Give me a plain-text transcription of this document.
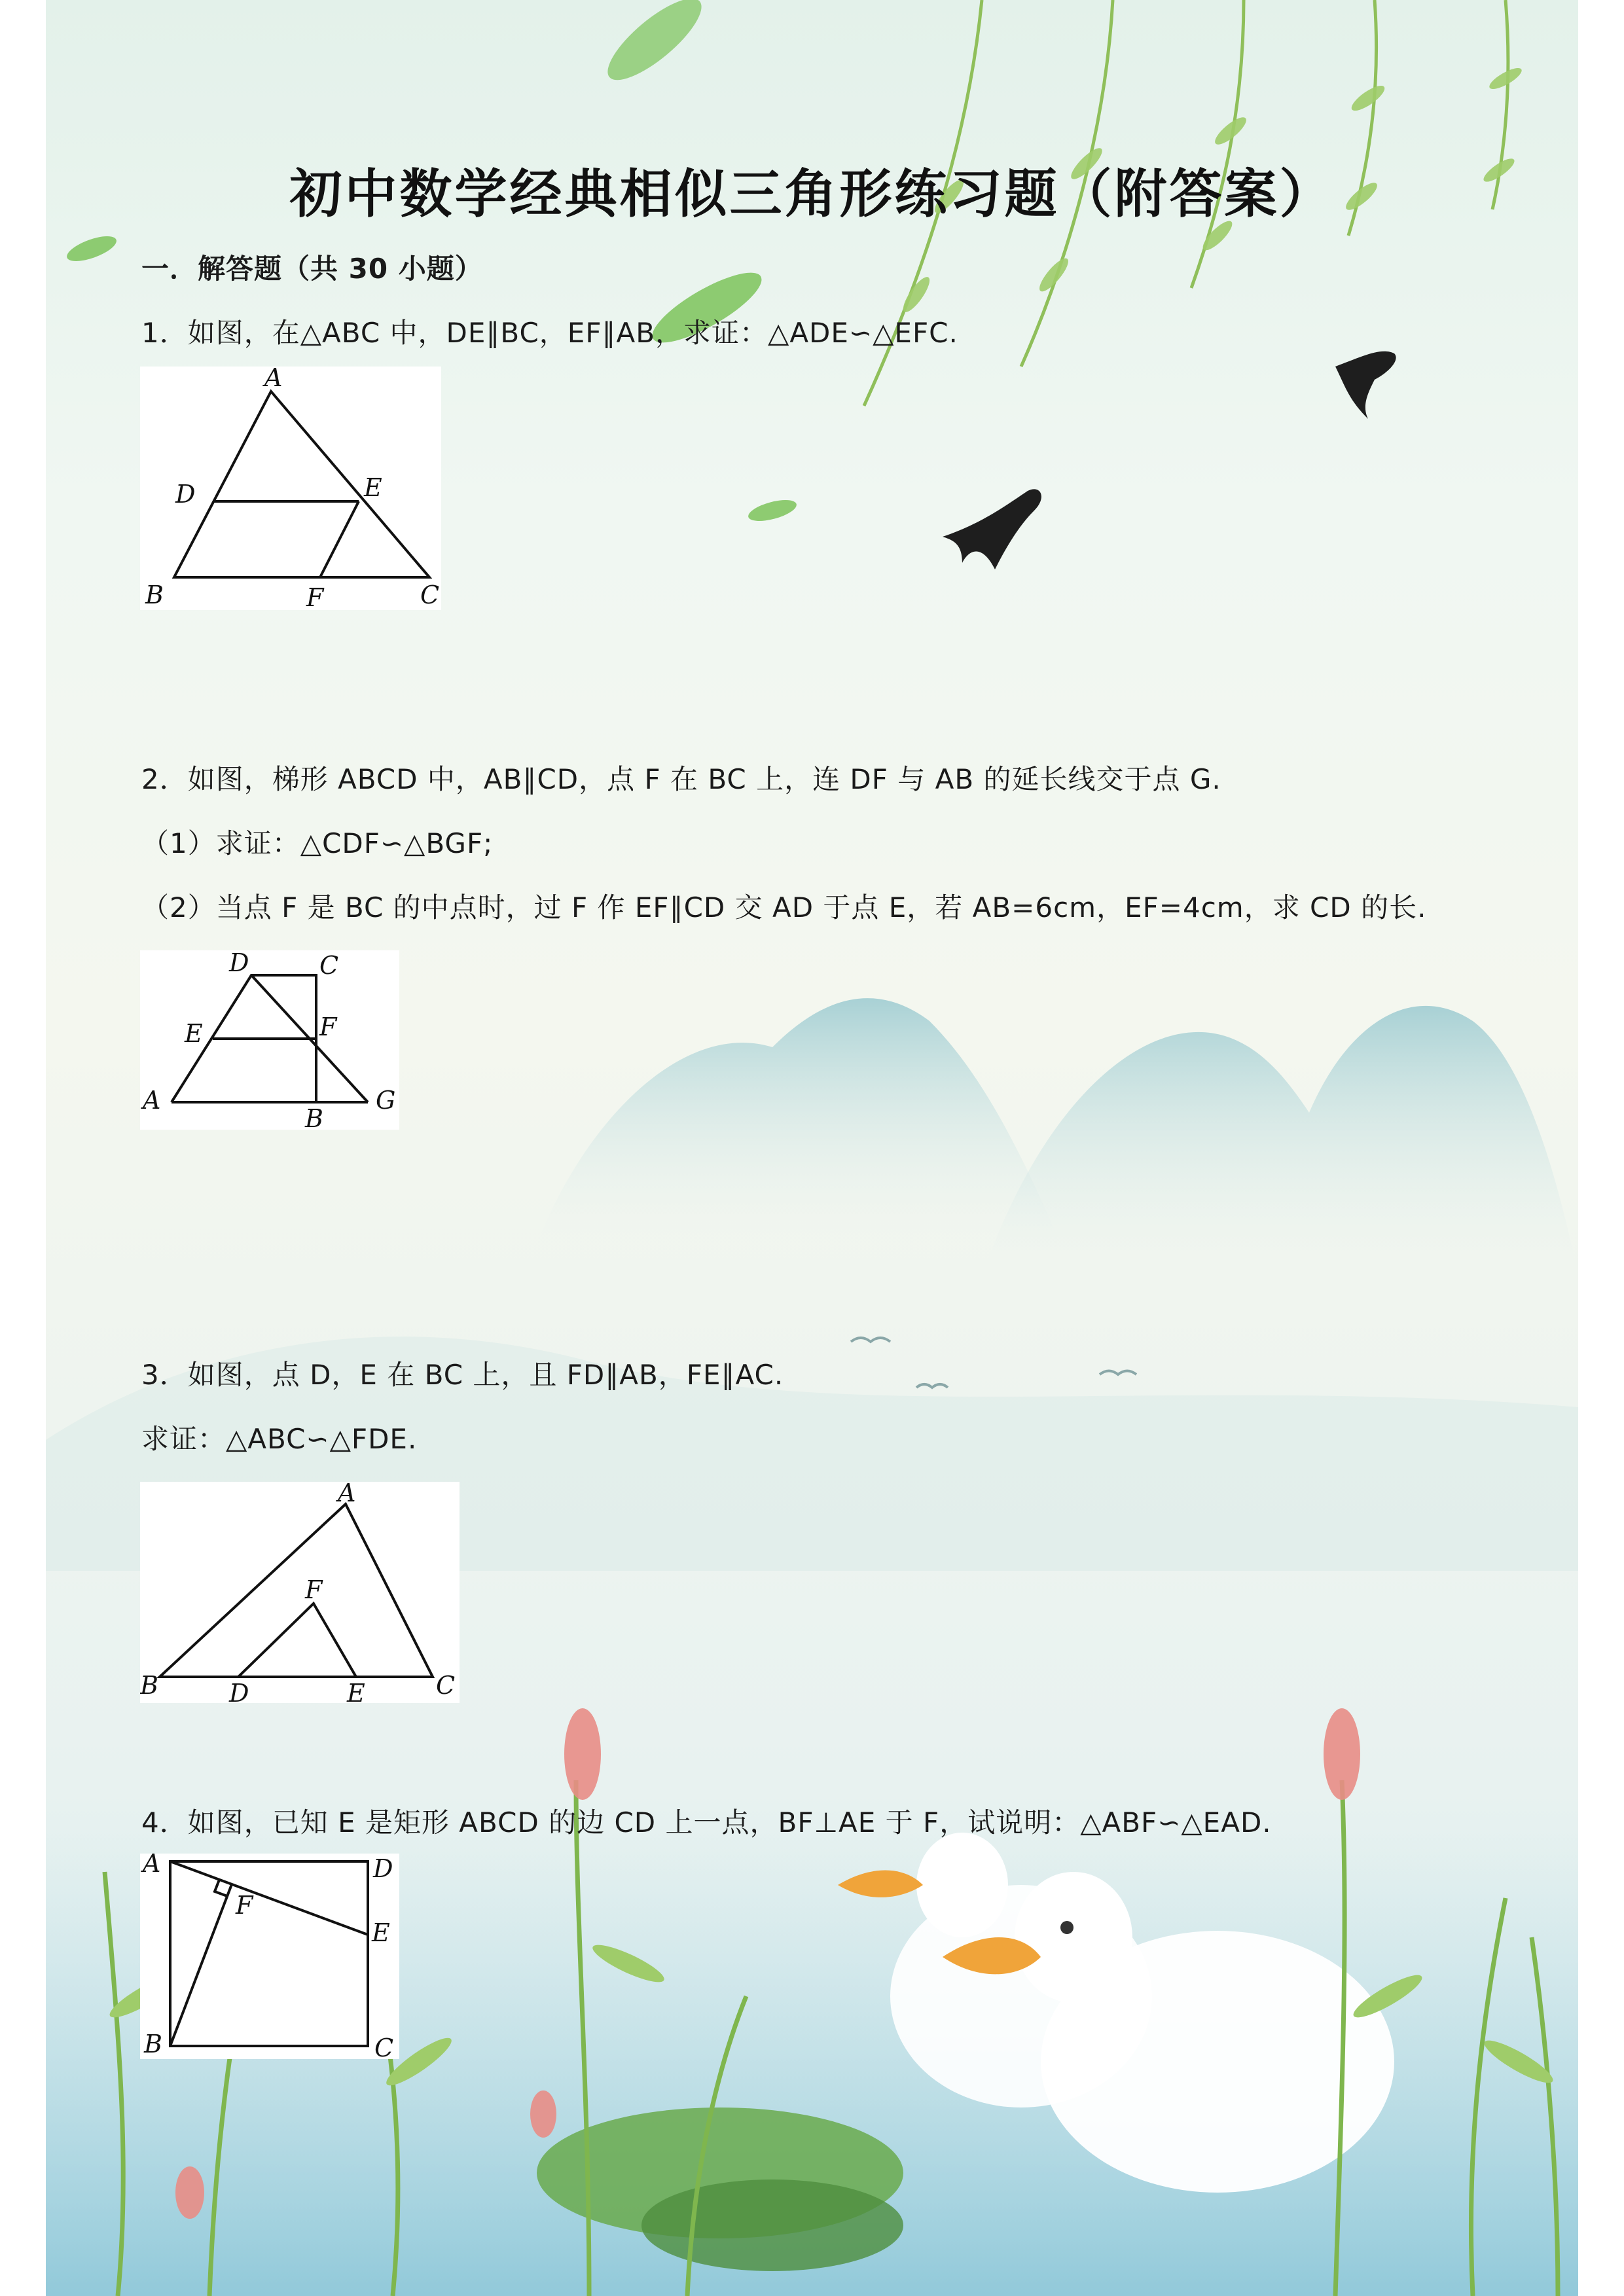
初中数学经典相似三角形练习题（附答案）
一．解答题（共 30 小题）
1．如图，在△ABC 中，DE∥BC，EF∥AB，求证：△ADE∽△EFC.
A
D	E
B	F	C
2．如图，梯形 ABCD 中，AB∥CD，点 F 在 BC 上，连 DF 与 AB 的延长线交于点 G.
（1）求证：△CDF∽△BGF;
（2）当点 F 是 BC 的中点时，过 F 作 EF∥CD 交 AD 于点 E，若 AB=6cm，EF=4cm，求 CD 的长.
D	C
E	F
A
B
G
3．如图，点 D，E 在 BC 上，且 FD∥AB，FE∥AC.
求证：△ABC∽△FDE.
A
F
B	D	E	C
4．如图，已知 E 是矩形 ABCD 的边 CD 上一点，BF⊥AE 于 F，试说明：△ABF∽△EAD.
A	D
F
E
B	C
